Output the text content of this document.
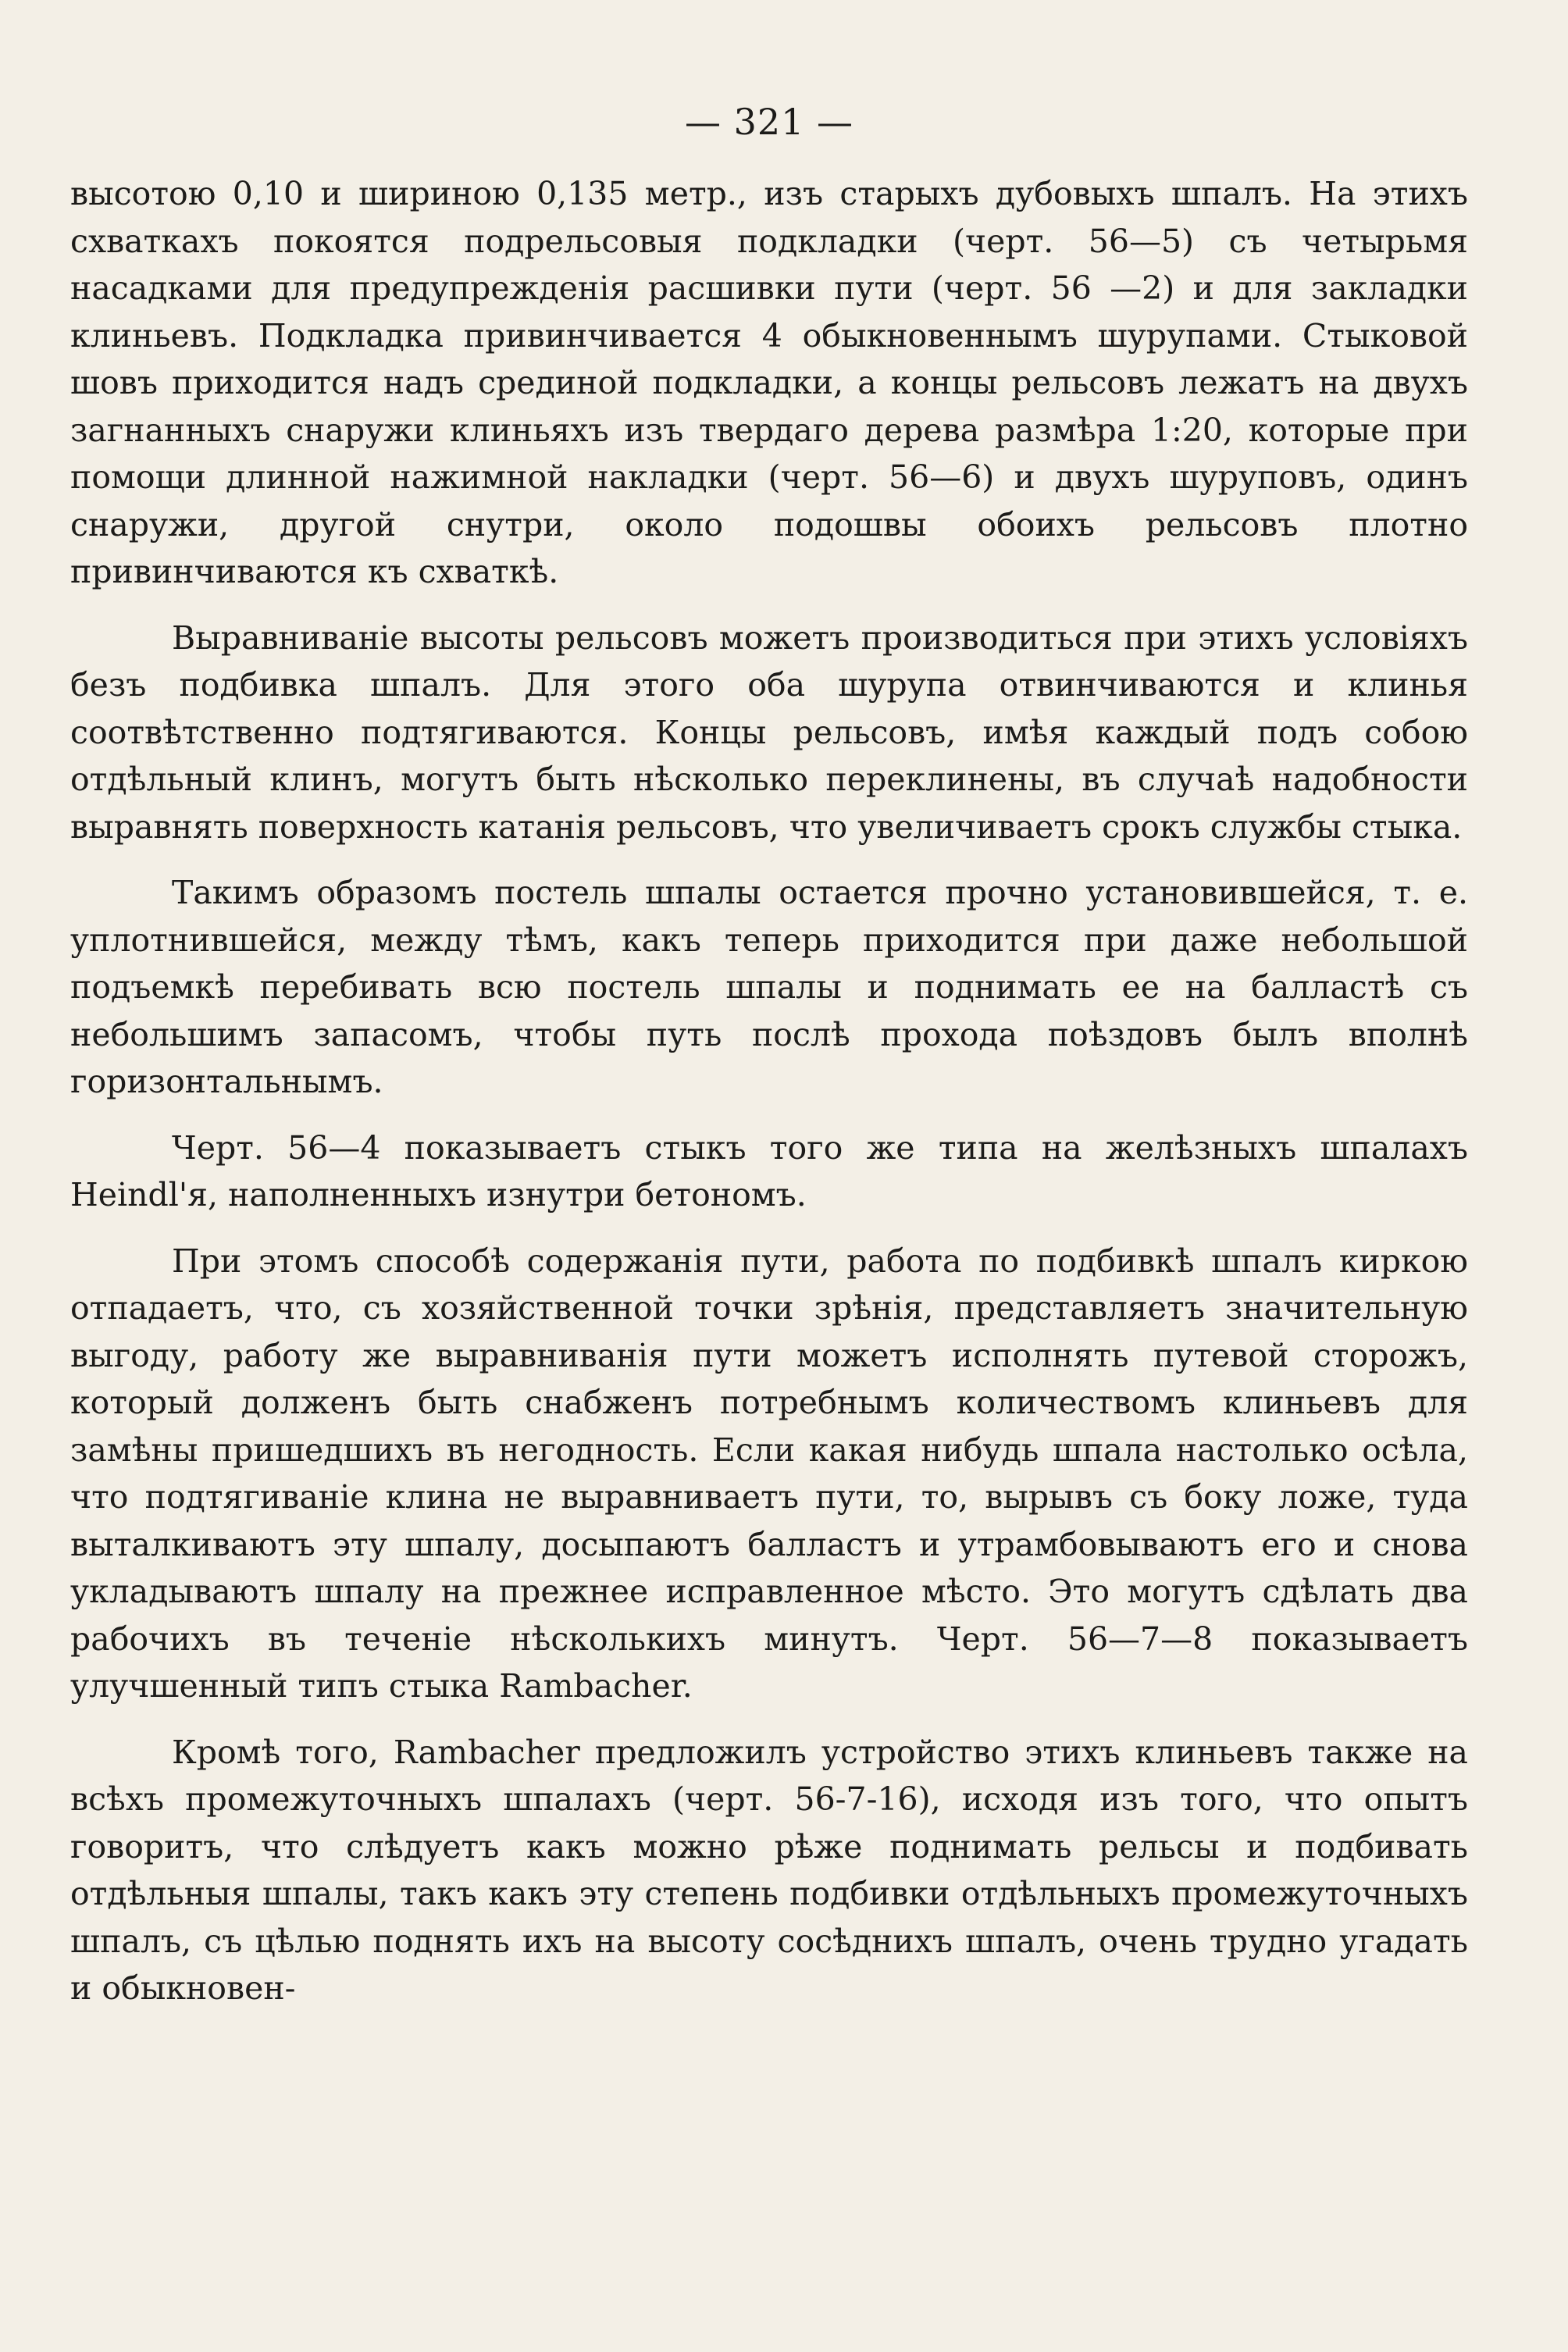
— 321 —

высотою 0,10 и шириною 0,135 метр., изъ старыхъ дубовыхъ шпалъ. На этихъ схваткахъ покоятся подрельсовыя подкладки (черт. 56—5) съ четырьмя насадками для предупрежденія расшивки пути (черт. 56 —2) и для закладки клиньевъ. Подкладка привинчивается 4 обыкновеннымъ шурупами. Стыковой шовъ приходится надъ срединой подкладки, а концы рельсовъ лежатъ на двухъ загнанныхъ снаружи клиньяхъ изъ твердаго дерева размѣра 1:20, которые при помощи длинной нажимной накладки (черт. 56—6) и двухъ шуруповъ, одинъ снаружи, другой снутри, около подошвы обоихъ рельсовъ плотно привинчиваются къ схваткѣ.

Выравниваніе высоты рельсовъ можетъ производиться при этихъ условіяхъ безъ подбивка шпалъ. Для этого оба шурупа отвинчиваются и клинья соотвѣтственно подтягиваются. Концы рельсовъ, имѣя каждый подъ собою отдѣльный клинъ, могутъ быть нѣсколько переклинены, въ случаѣ надобности выравнять поверхность катанія рельсовъ, что увеличиваетъ срокъ службы стыка.

Такимъ образомъ постель шпалы остается прочно установившейся, т. е. уплотнившейся, между тѣмъ, какъ теперь приходится при даже небольшой подъемкѣ перебивать всю постель шпалы и поднимать ее на балластѣ съ небольшимъ запасомъ, чтобы путь послѣ прохода поѣздовъ былъ вполнѣ горизонтальнымъ.

Черт. 56—4 показываетъ стыкъ того же типа на желѣзныхъ шпалахъ Heindl'я, наполненныхъ изнутри бетономъ.

При этомъ способѣ содержанія пути, работа по подбивкѣ шпалъ киркою отпадаетъ, что, съ хозяйственной точки зрѣнія, представляетъ значительную выгоду, работу же выравниванія пути можетъ исполнять путевой сторожъ, который долженъ быть снабженъ потребнымъ количествомъ клиньевъ для замѣны пришедшихъ въ негодность. Если какая нибудь шпала настолько осѣла, что подтягиваніе клина не выравниваетъ пути, то, вырывъ съ боку ложе, туда выталкиваютъ эту шпалу, досыпаютъ балластъ и утрамбовываютъ его и снова укладываютъ шпалу на прежнее исправленное мѣсто. Это могутъ сдѣлать два рабочихъ въ теченіе нѣсколькихъ минутъ. Черт. 56—7—8 показываетъ улучшенный типъ стыка Rambacher.

Кромѣ того, Rambacher предложилъ устройство этихъ клиньевъ также на всѣхъ промежуточныхъ шпалахъ (черт. 56-7-16), исходя изъ того, что опытъ говоритъ, что слѣдуетъ какъ можно рѣже поднимать рельсы и подбивать отдѣльныя шпалы, такъ какъ эту степень подбивки отдѣльныхъ промежуточныхъ шпалъ, съ цѣлью поднять ихъ на высоту сосѣднихъ шпалъ, очень трудно угадать и обыкновен-
